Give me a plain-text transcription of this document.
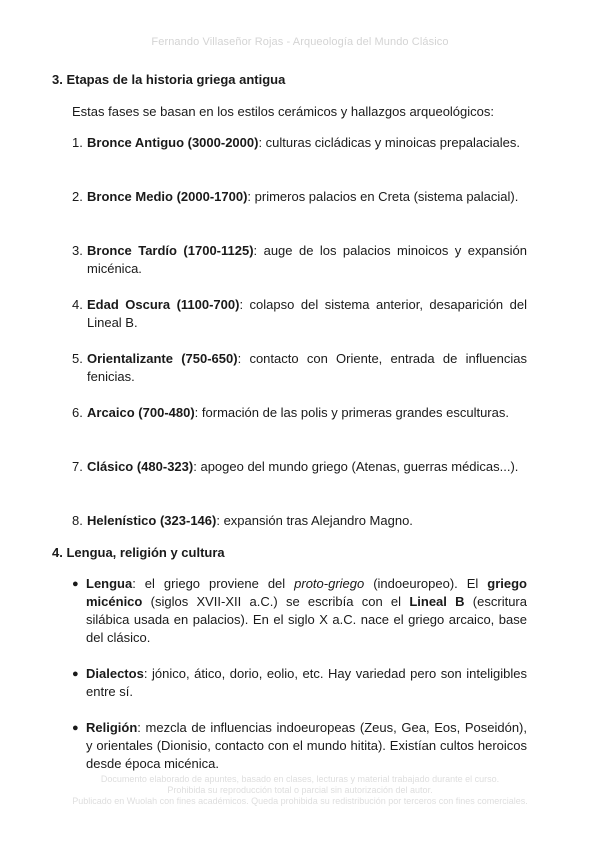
Fernando Villaseñor Rojas - Arqueología del Mundo Clásico
3. Etapas de la historia griega antigua

Estas fases se basan en los estilos cerámicos y hallazgos arqueológicos:

1. Bronce Antiguo (3000-2000): culturas cicládicas y minoicas prepalaciales.
2. Bronce Medio (2000-1700): primeros palacios en Creta (sistema palacial).
3. Bronce Tardío (1700-1125): auge de los palacios minoicos y expansión micénica.
4. Edad Oscura (1100-700): colapso del sistema anterior, desaparición del Lineal B.
5. Orientalizante (750-650): contacto con Oriente, entrada de influencias fenicias.
6. Arcaico (700-480): formación de las polis y primeras grandes esculturas.
7. Clásico (480-323): apogeo del mundo griego (Atenas, guerras médicas...).
8. Helenístico (323-146): expansión tras Alejandro Magno.
4. Lengua, religión y cultura
● Lengua: el griego proviene del proto-griego (indoeuropeo). El griego micénico (siglos XVII-XII a.C.) se escribía con el Lineal B (escritura silábica usada en palacios). En el siglo X a.C. nace el griego arcaico, base del clásico.
● Dialectos: jónico, ático, dorio, eolio, etc. Hay variedad pero son inteligibles entre sí.
● Religión: mezcla de influencias indoeuropeas (Zeus, Gea, Eos, Poseidón), y orientales (Dionisio, contacto con el mundo hitita). Existían cultos heroicos desde época micénica.
Documento elaborado de apuntes, basado en clases, lecturas y material trabajado durante el curso.
Prohibida su reproducción total o parcial sin autorización del autor.
Publicado en Wuolah con fines académicos. Queda prohibida su redistribución por terceros con fines comerciales.
